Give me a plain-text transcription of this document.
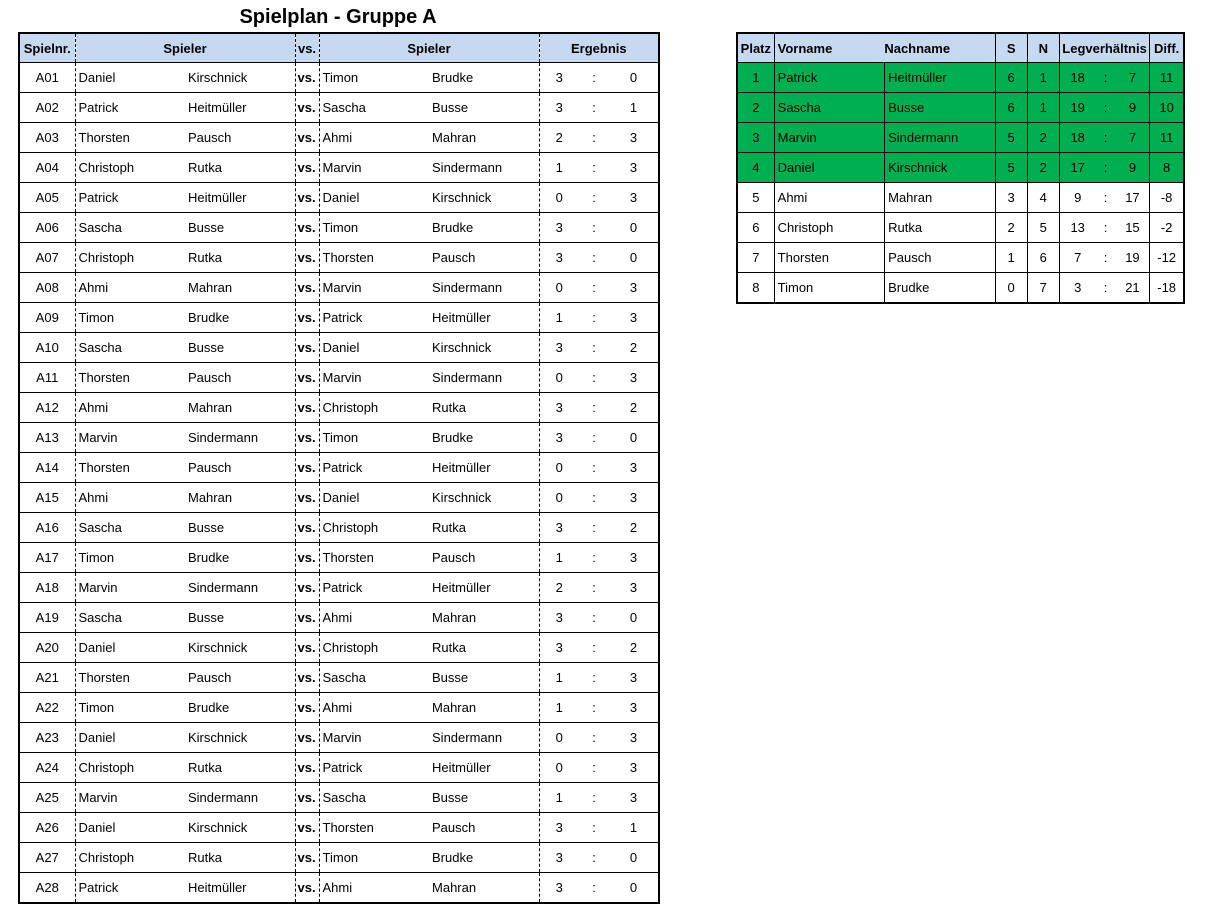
Spielplan - Gruppe A
Spielnr.	Spieler		vs.	Spieler		Ergebnis		
A01	Daniel	Kirschnick	vs.	Timon	Brudke	3	:	0
A02	Patrick	Heitmüller	vs.	Sascha	Busse	3	:	1
A03	Thorsten	Pausch	vs.	Ahmi	Mahran	2	:	3
A04	Christoph	Rutka	vs.	Marvin	Sindermann	1	:	3
A05	Patrick	Heitmüller	vs.	Daniel	Kirschnick	0	:	3
A06	Sascha	Busse	vs.	Timon	Brudke	3	:	0
A07	Christoph	Rutka	vs.	Thorsten	Pausch	3	:	0
A08	Ahmi	Mahran	vs.	Marvin	Sindermann	0	:	3
A09	Timon	Brudke	vs.	Patrick	Heitmüller	1	:	3
A10	Sascha	Busse	vs.	Daniel	Kirschnick	3	:	2
A11	Thorsten	Pausch	vs.	Marvin	Sindermann	0	:	3
A12	Ahmi	Mahran	vs.	Christoph	Rutka	3	:	2
A13	Marvin	Sindermann	vs.	Timon	Brudke	3	:	0
A14	Thorsten	Pausch	vs.	Patrick	Heitmüller	0	:	3
A15	Ahmi	Mahran	vs.	Daniel	Kirschnick	0	:	3
A16	Sascha	Busse	vs.	Christoph	Rutka	3	:	2
A17	Timon	Brudke	vs.	Thorsten	Pausch	1	:	3
A18	Marvin	Sindermann	vs.	Patrick	Heitmüller	2	:	3
A19	Sascha	Busse	vs.	Ahmi	Mahran	3	:	0
A20	Daniel	Kirschnick	vs.	Christoph	Rutka	3	:	2
A21	Thorsten	Pausch	vs.	Sascha	Busse	1	:	3
A22	Timon	Brudke	vs.	Ahmi	Mahran	1	:	3
A23	Daniel	Kirschnick	vs.	Marvin	Sindermann	0	:	3
A24	Christoph	Rutka	vs.	Patrick	Heitmüller	0	:	3
A25	Marvin	Sindermann	vs.	Sascha	Busse	1	:	3
A26	Daniel	Kirschnick	vs.	Thorsten	Pausch	3	:	1
A27	Christoph	Rutka	vs.	Timon	Brudke	3	:	0
A28	Patrick	Heitmüller	vs.	Ahmi	Mahran	3	:	0
Platz	Vorname Nachname		S	N	Legverhältnis			Diff.
1	Patrick	Heitmüller	6	1	18	:	7	11
2	Sascha	Busse	6	1	19	:	9	10
3	Marvin	Sindermann	5	2	18	:	7	11
4	Daniel	Kirschnick	5	2	17	:	9	8
5	Ahmi	Mahran	3	4	9	:	17	-8
6	Christoph	Rutka	2	5	13	:	15	-2
7	Thorsten	Pausch	1	6	7	:	19	-12
8	Timon	Brudke	0	7	3	:	21	-18
